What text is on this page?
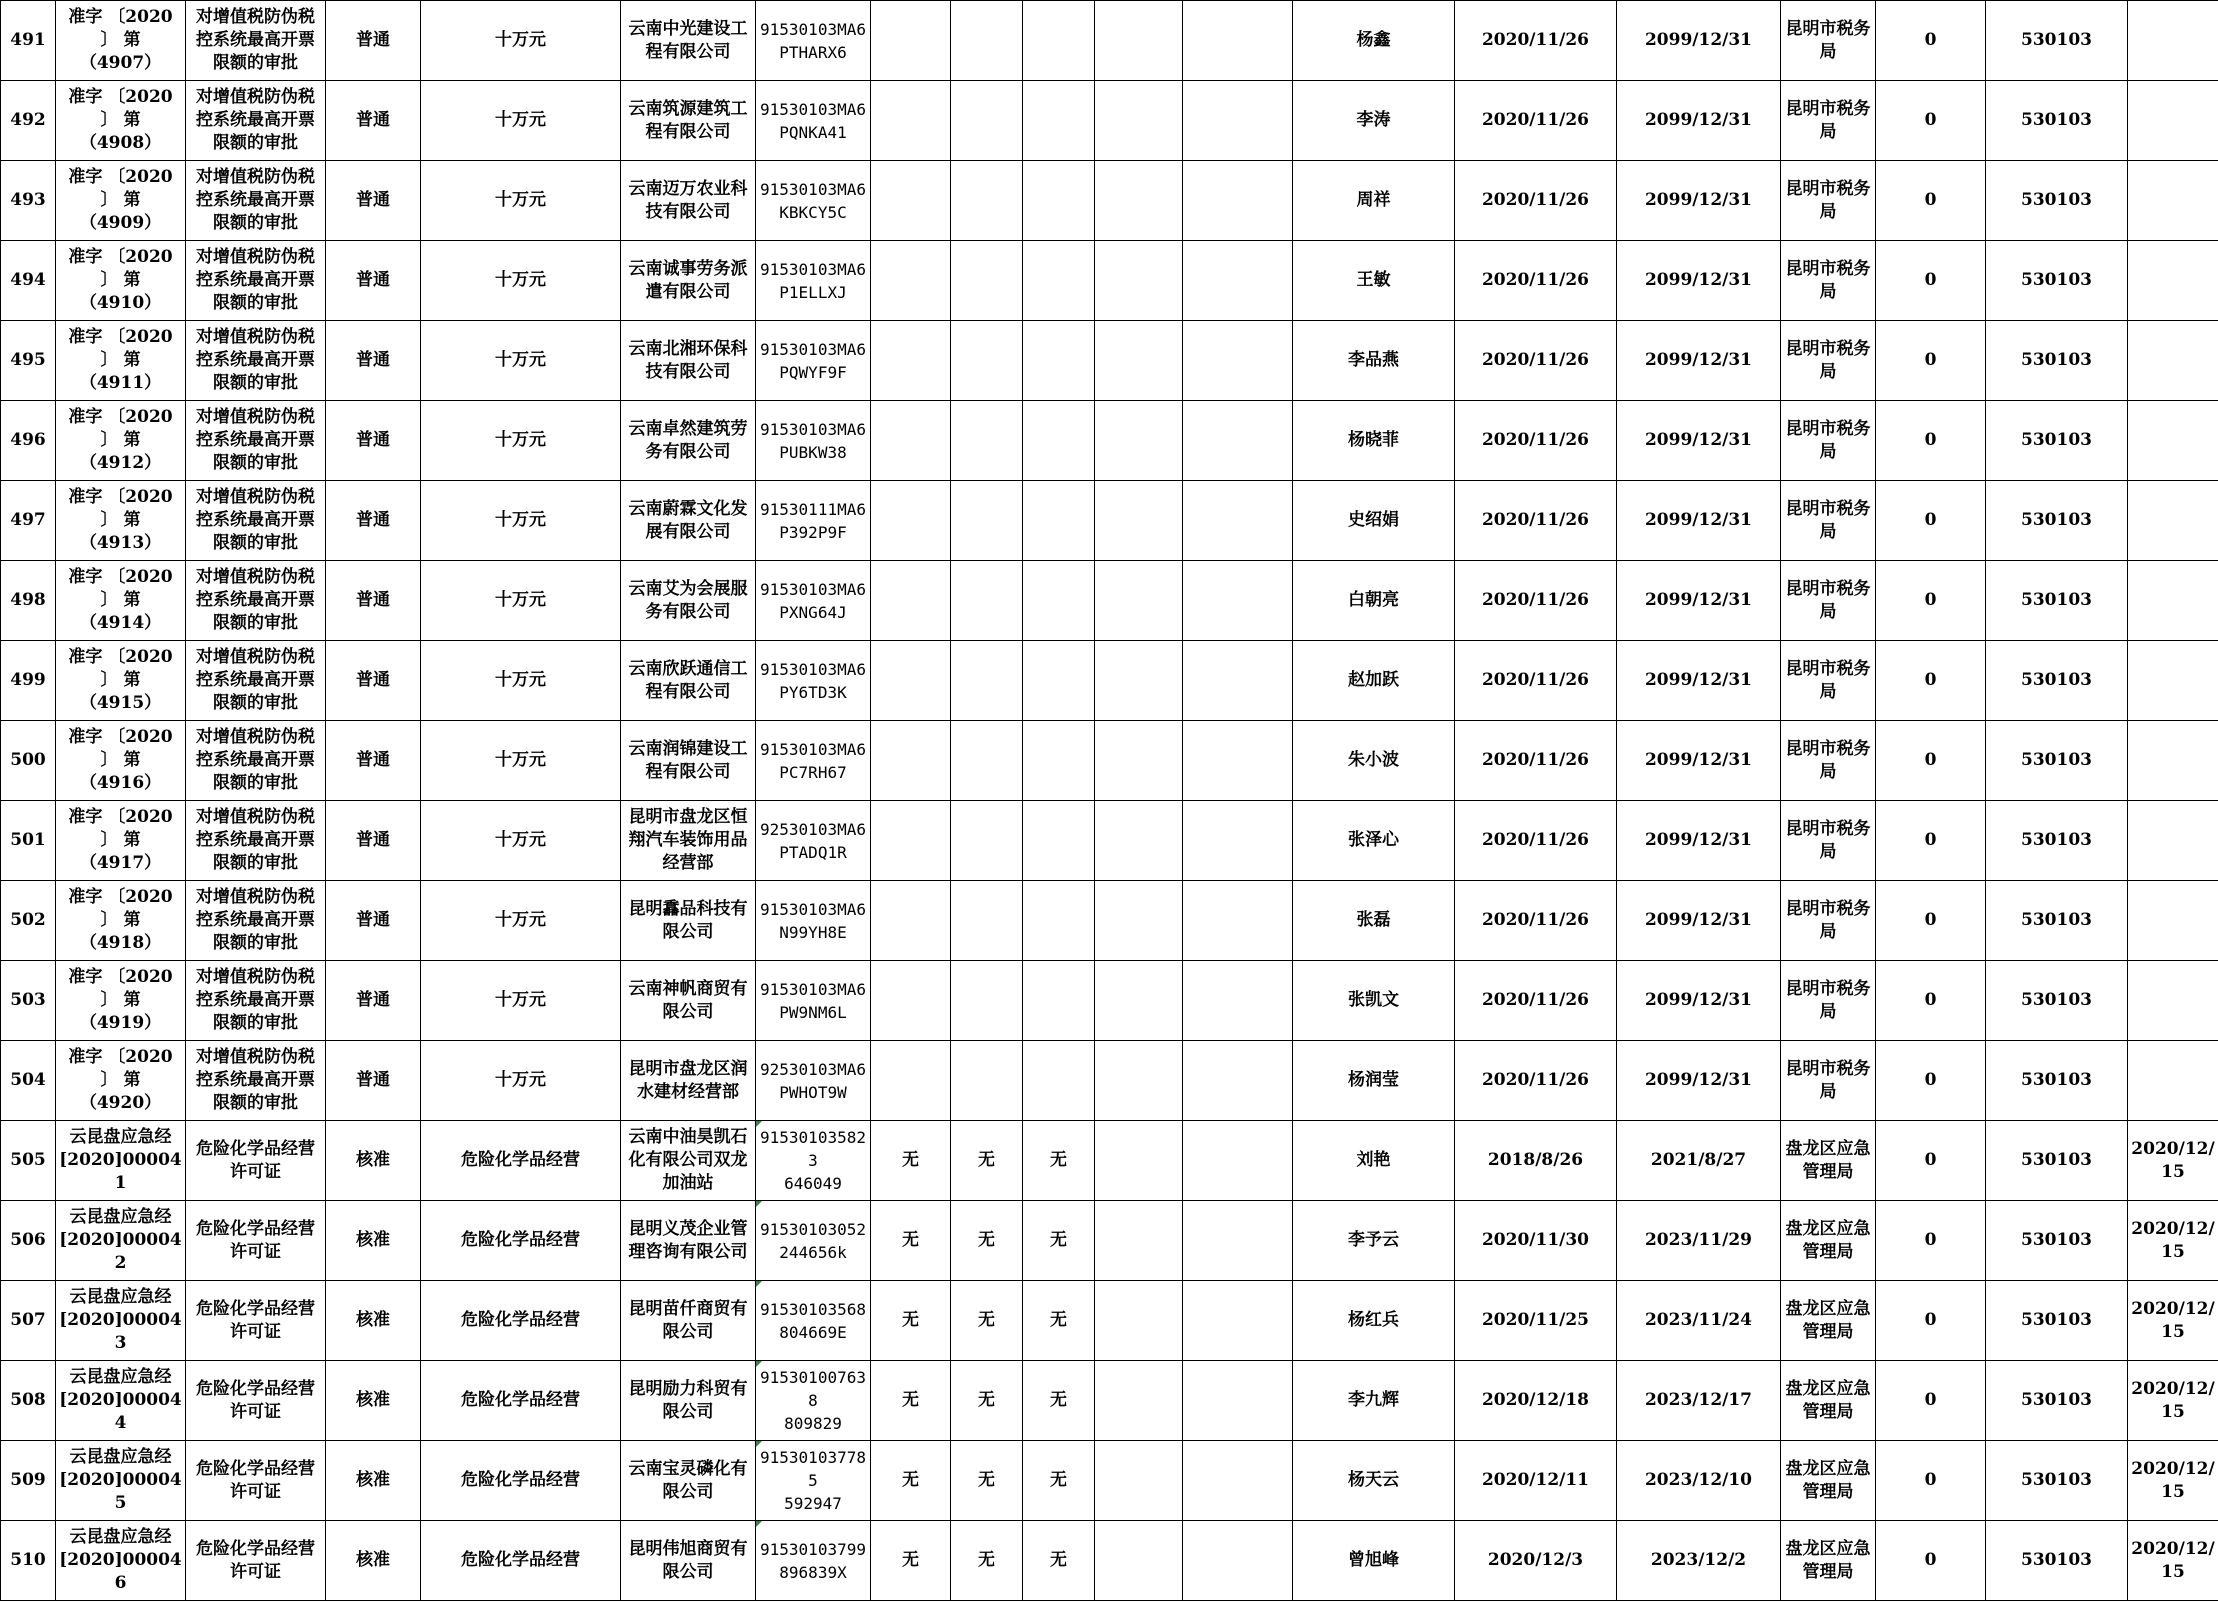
491	准字 〔2020
〕 第
（4907）	对增值税防伪税控系统最高开票限额的审批	普通	十万元	云南中光建设工程有限公司	91530103MA6
PTHARX6						杨鑫	2020/11/26	2099/12/31	昆明市税务局	0	530103	
492	准字 〔2020
〕 第
（4908）	对增值税防伪税控系统最高开票限额的审批	普通	十万元	云南筑源建筑工程有限公司	91530103MA6
PQNKA41						李涛	2020/11/26	2099/12/31	昆明市税务局	0	530103	
493	准字 〔2020
〕 第
（4909）	对增值税防伪税控系统最高开票限额的审批	普通	十万元	云南迈万农业科技有限公司	91530103MA6
KBKCY5C						周祥	2020/11/26	2099/12/31	昆明市税务局	0	530103	
494	准字 〔2020
〕 第
（4910）	对增值税防伪税控系统最高开票限额的审批	普通	十万元	云南诚事劳务派遣有限公司	91530103MA6
P1ELLXJ						王敏	2020/11/26	2099/12/31	昆明市税务局	0	530103	
495	准字 〔2020
〕 第
（4911）	对增值税防伪税控系统最高开票限额的审批	普通	十万元	云南北湘环保科技有限公司	91530103MA6
PQWYF9F						李品燕	2020/11/26	2099/12/31	昆明市税务局	0	530103	
496	准字 〔2020
〕 第
（4912）	对增值税防伪税控系统最高开票限额的审批	普通	十万元	云南卓然建筑劳务有限公司	91530103MA6
PUBKW38						杨晓菲	2020/11/26	2099/12/31	昆明市税务局	0	530103	
497	准字 〔2020
〕 第
（4913）	对增值税防伪税控系统最高开票限额的审批	普通	十万元	云南蔚霖文化发展有限公司	91530111MA6
P392P9F						史绍娟	2020/11/26	2099/12/31	昆明市税务局	0	530103	
498	准字 〔2020
〕 第
（4914）	对增值税防伪税控系统最高开票限额的审批	普通	十万元	云南艾为会展服务有限公司	91530103MA6
PXNG64J						白朝亮	2020/11/26	2099/12/31	昆明市税务局	0	530103	
499	准字 〔2020
〕 第
（4915）	对增值税防伪税控系统最高开票限额的审批	普通	十万元	云南欣跃通信工程有限公司	91530103MA6
PY6TD3K						赵加跃	2020/11/26	2099/12/31	昆明市税务局	0	530103	
500	准字 〔2020
〕 第
（4916）	对增值税防伪税控系统最高开票限额的审批	普通	十万元	云南润锦建设工程有限公司	91530103MA6
PC7RH67						朱小波	2020/11/26	2099/12/31	昆明市税务局	0	530103	
501	准字 〔2020
〕 第
（4917）	对增值税防伪税控系统最高开票限额的审批	普通	十万元	昆明市盘龙区恒翔汽车装饰用品经营部	92530103MA6
PTADQ1R						张泽心	2020/11/26	2099/12/31	昆明市税务局	0	530103	
502	准字 〔2020
〕 第
（4918）	对增值税防伪税控系统最高开票限额的审批	普通	十万元	昆明馫品科技有限公司	91530103MA6
N99YH8E						张磊	2020/11/26	2099/12/31	昆明市税务局	0	530103	
503	准字 〔2020
〕 第
（4919）	对增值税防伪税控系统最高开票限额的审批	普通	十万元	云南神帆商贸有限公司	91530103MA6
PW9NM6L						张凯文	2020/11/26	2099/12/31	昆明市税务局	0	530103	
504	准字 〔2020
〕 第
（4920）	对增值税防伪税控系统最高开票限额的审批	普通	十万元	昆明市盘龙区润水建材经营部	92530103MA6
PWHOT9W						杨润莹	2020/11/26	2099/12/31	昆明市税务局	0	530103	
505	云昆盘应急经
[2020]000041	危险化学品经营许可证	核准	危险化学品经营	云南中油昊凯石化有限公司双龙加油站	915301035823
646049	无	无	无			刘艳	2018/8/26	2021/8/27	盘龙区应急管理局	0	530103	2020/12/15
506	云昆盘应急经
[2020]000042	危险化学品经营许可证	核准	危险化学品经营	昆明义茂企业管理咨询有限公司	91530103052
244656k	无	无	无			李予云	2020/11/30	2023/11/29	盘龙区应急管理局	0	530103	2020/12/15
507	云昆盘应急经
[2020]000043	危险化学品经营许可证	核准	危险化学品经营	昆明苗仟商贸有限公司	91530103568
804669E	无	无	无			杨红兵	2020/11/25	2023/11/24	盘龙区应急管理局	0	530103	2020/12/15
508	云昆盘应急经
[2020]000044	危险化学品经营许可证	核准	危险化学品经营	昆明励力科贸有限公司	915301007638
809829	无	无	无			李九辉	2020/12/18	2023/12/17	盘龙区应急管理局	0	530103	2020/12/15
509	云昆盘应急经
[2020]000045	危险化学品经营许可证	核准	危险化学品经营	云南宝灵磷化有限公司	915301037785
592947	无	无	无			杨天云	2020/12/11	2023/12/10	盘龙区应急管理局	0	530103	2020/12/15
510	云昆盘应急经
[2020]000046	危险化学品经营许可证	核准	危险化学品经营	昆明伟旭商贸有限公司	91530103799
896839X	无	无	无			曾旭峰	2020/12/3	2023/12/2	盘龙区应急管理局	0	530103	2020/12/15
